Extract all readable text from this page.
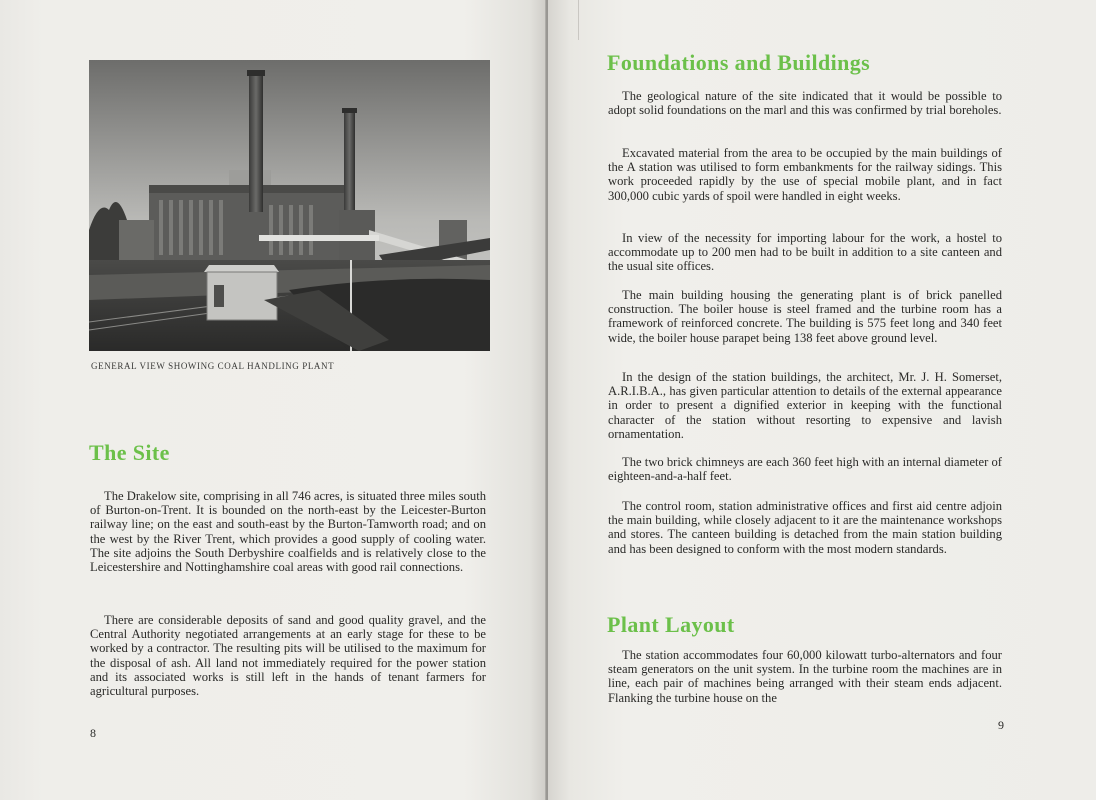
GENERAL VIEW SHOWING COAL HANDLING PLANT
The Site

The Drakelow site, comprising in all 746 acres, is situated three miles south of Burton-on-Trent. It is bounded on the north-east by the Leicester-Burton railway line; on the east and south-east by the Burton-Tamworth road; and on the west by the River Trent, which provides a good supply of cooling water. The site adjoins the South Derbyshire coalfields and is relatively close to the Leicestershire and Nottinghamshire coal areas with good rail connections.

There are considerable deposits of sand and good quality gravel, and the Central Authority negotiated arrangements at an early stage for these to be worked by a contractor. The resulting pits will be utilised to the maximum for the disposal of ash. All land not immediately required for the power station and its associated works is still left in the hands of tenant farmers for agricultural purposes.

8
Foundations and Buildings

The geological nature of the site indicated that it would be possible to adopt solid foundations on the marl and this was confirmed by trial boreholes.

Excavated material from the area to be occupied by the main buildings of the A station was utilised to form embankments for the railway sidings. This work proceeded rapidly by the use of special mobile plant, and in fact 300,000 cubic yards of spoil were handled in eight weeks.

In view of the necessity for importing labour for the work, a hostel to accommodate up to 200 men had to be built in addition to a site canteen and the usual site offices.

The main building housing the generating plant is of brick panelled construction. The boiler house is steel framed and the turbine room has a framework of reinforced concrete. The building is 575 feet long and 340 feet wide, the boiler house parapet being 138 feet above ground level.

In the design of the station buildings, the architect, Mr. J. H. Somerset, A.R.I.B.A., has given particular attention to details of the external appearance in order to present a dignified exterior in keeping with the functional character of the station without resorting to expensive and lavish ornamentation.

The two brick chimneys are each 360 feet high with an internal diameter of eighteen-and-a-half feet.

The control room, station administrative offices and first aid centre adjoin the main building, while closely adjacent to it are the maintenance workshops and stores. The canteen building is detached from the main station building and has been designed to conform with the most modern standards.

Plant Layout

The station accommodates four 60,000 kilowatt turbo-alternators and four steam generators on the unit system. In the turbine room the machines are in line, each pair of machines being arranged with their steam ends adjacent. Flanking the turbine house on the

9
